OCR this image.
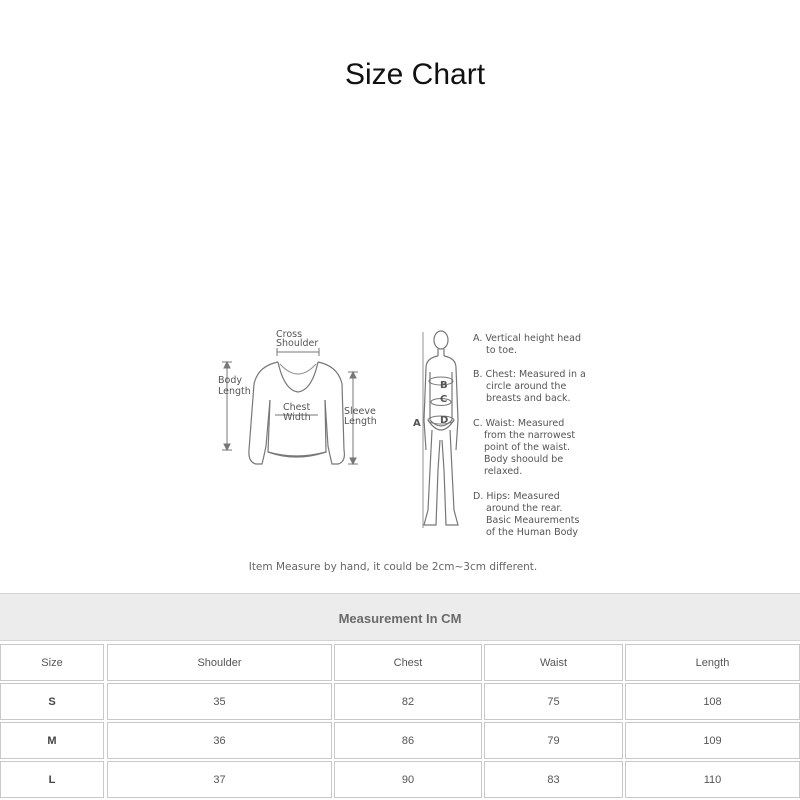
Size Chart
Cross Shoulder
Body Length
Chest Width
Sleeve Length
B
C
D
A
A. Vertical height head to toe.
B. Chest: Measured in a circle around the breasts and back.
C. Waist: Measured from the narrowest point of the waist. Body shoould be relaxed.
D. Hips: Measured around the rear. Basic Meaurements of the Human Body
Item Measure by hand, it could be 2cm~3cm different.
Measurement In CM
Size	Shoulder	Chest	Waist	Length
S	35	82	75	108
M	36	86	79	109
L	37	90	83	110
